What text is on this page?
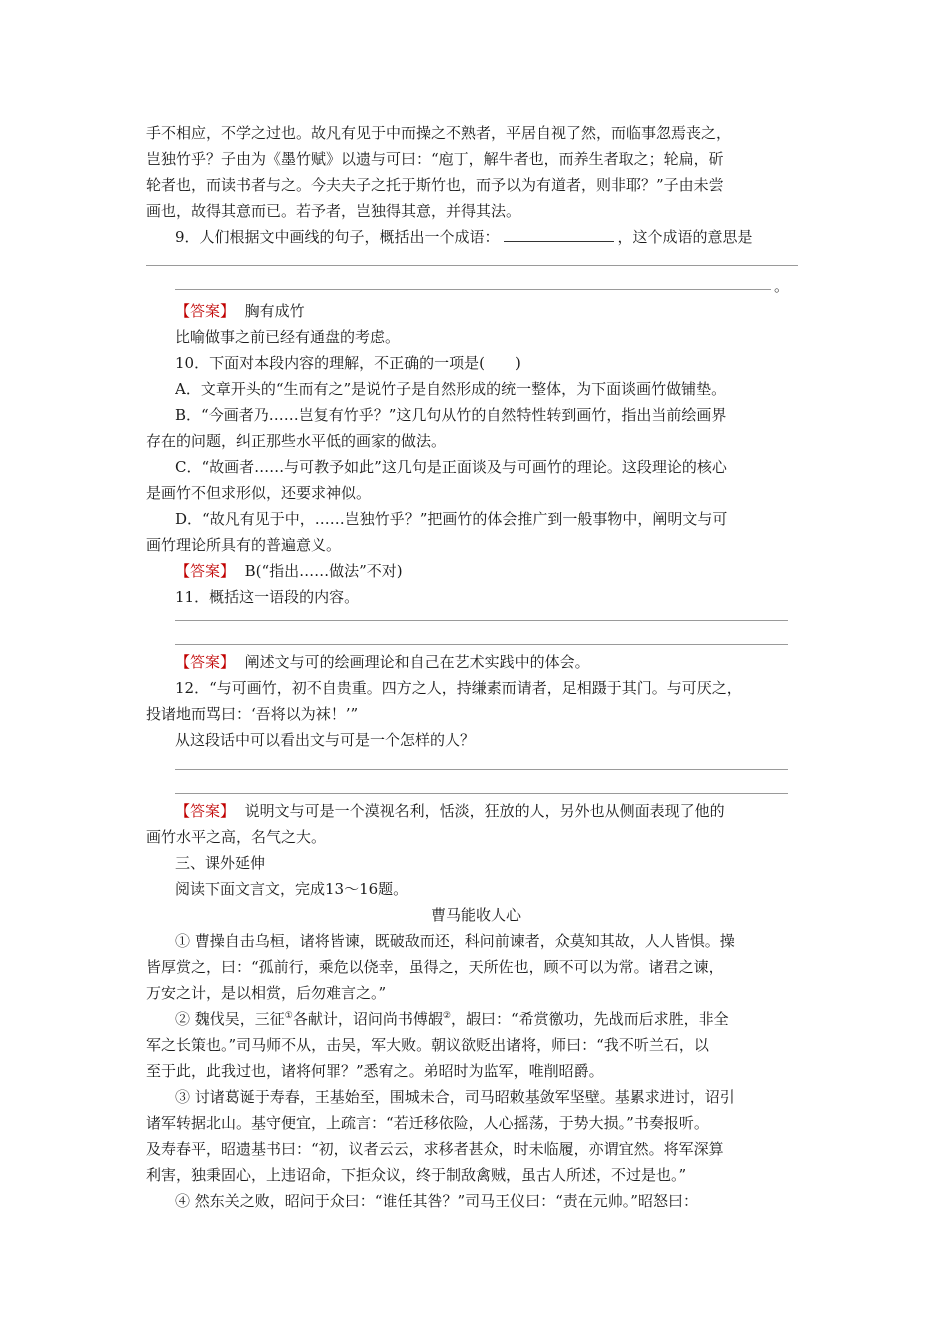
手不相应，不学之过也。故凡有见于中而操之不熟者，平居自视了然，而临事忽焉丧之，
岂独竹乎？子由为《墨竹赋》以遗与可曰：“庖丁，解牛者也，而养生者取之；轮扁，斫
轮者也，而读书者与之。今夫夫子之托于斯竹也，而予以为有道者，则非耶？”子由未尝
画也，故得其意而已。若予者，岂独得其意，并得其法。
9．人们根据文中画线的句子，概括出一个成语：	，这个成语的意思是
。
【答案】 胸有成竹
比喻做事之前已经有通盘的考虑。
10．下面对本段内容的理解，不正确的一项是(　　)
A．文章开头的“生而有之”是说竹子是自然形成的统一整体，为下面谈画竹做铺垫。
B．“今画者乃……岂复有竹乎？”这几句从竹的自然特性转到画竹，指出当前绘画界
存在的问题，纠正那些水平低的画家的做法。
C．“故画者……与可教予如此”这几句是正面谈及与可画竹的理论。这段理论的核心
是画竹不但求形似，还要求神似。
D．“故凡有见于中，……岂独竹乎？”把画竹的体会推广到一般事物中，阐明文与可
画竹理论所具有的普遍意义。
【答案】 B(“指出……做法”不对)
11．概括这一语段的内容。
【答案】 阐述文与可的绘画理论和自己在艺术实践中的体会。
12．“与可画竹，初不自贵重。四方之人，持缣素而请者，足相蹑于其门。与可厌之，
投诸地而骂曰：‘吾将以为袜！’”
从这段话中可以看出文与可是一个怎样的人？
【答案】 说明文与可是一个漠视名利，恬淡，狂放的人，另外也从侧面表现了他的
画竹水平之高，名气之大。
三、课外延伸
阅读下面文言文，完成13～16题。
曹马能收人心
① 曹操自击乌桓，诸将皆谏，既破敌而还，科问前谏者，众莫知其故，人人皆惧。操
皆厚赏之，曰：“孤前行，乘危以侥幸，虽得之，天所佐也，顾不可以为常。诸君之谏，
万安之计，是以相赏，后勿难言之。”
② 魏伐吴，三征①各献计，诏问尚书傅嘏②，嘏曰：“希赏徼功，先战而后求胜，非全
军之长策也。”司马师不从，击吴，军大败。朝议欲贬出诸将，师曰：“我不听兰石，以
至于此，此我过也，诸将何罪？”悉宥之。弟昭时为监军，唯削昭爵。
③ 讨诸葛诞于寿春，王基始至，围城未合，司马昭敕基敛军坚壁。基累求进讨，诏引
诸军转据北山。基守便宜，上疏言：“若迁移依险，人心摇荡，于势大损。”书奏报听。
及寿春平，昭遗基书曰：“初，议者云云，求移者甚众，时未临履，亦谓宜然。将军深算
利害，独秉固心，上违诏命，下拒众议，终于制敌禽贼，虽古人所述，不过是也。”
④ 然东关之败，昭问于众曰：“谁任其咎？”司马王仪曰：“责在元帅。”昭怒曰：
